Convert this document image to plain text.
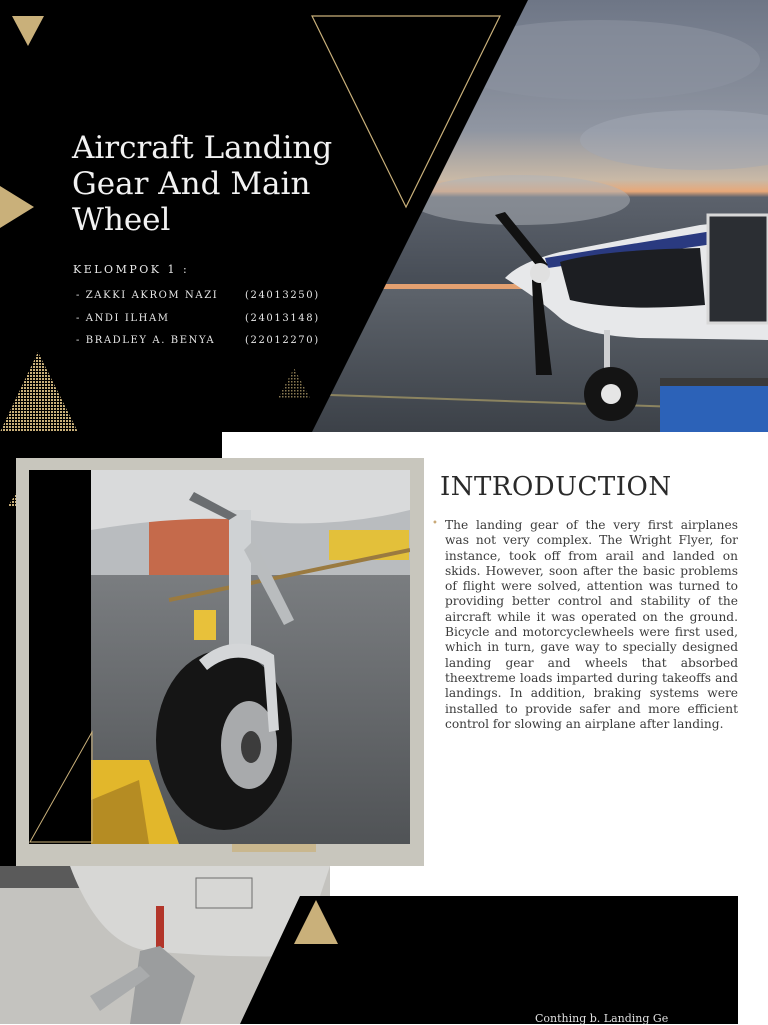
Aircraft Landing Gear And Main Wheel
KELOMPOK 1 :
- ZAKKI AKROM NAZI	(24013250)
- ANDI ILHAM	(24013148)
- BRADLEY A. BENYA	(22012270)
INTRODUCTION
• The landing gear of the very first airplanes was not very complex. The Wright Flyer, for instance, took off from arail and landed on skids. However, soon after the basic problems of flight were solved, attention was turned to providing better control and stability of the aircraft while it was operated on the ground. Bicycle and motorcyclewheels were first used, which in turn, gave way to specially designed landing gear and wheels that absorbed theextreme loads imparted during takeoffs and landings. In addition, braking systems were installed to provide safer and more efficient control for slowing an airplane after landing.

Conthing b. Landing Ge
